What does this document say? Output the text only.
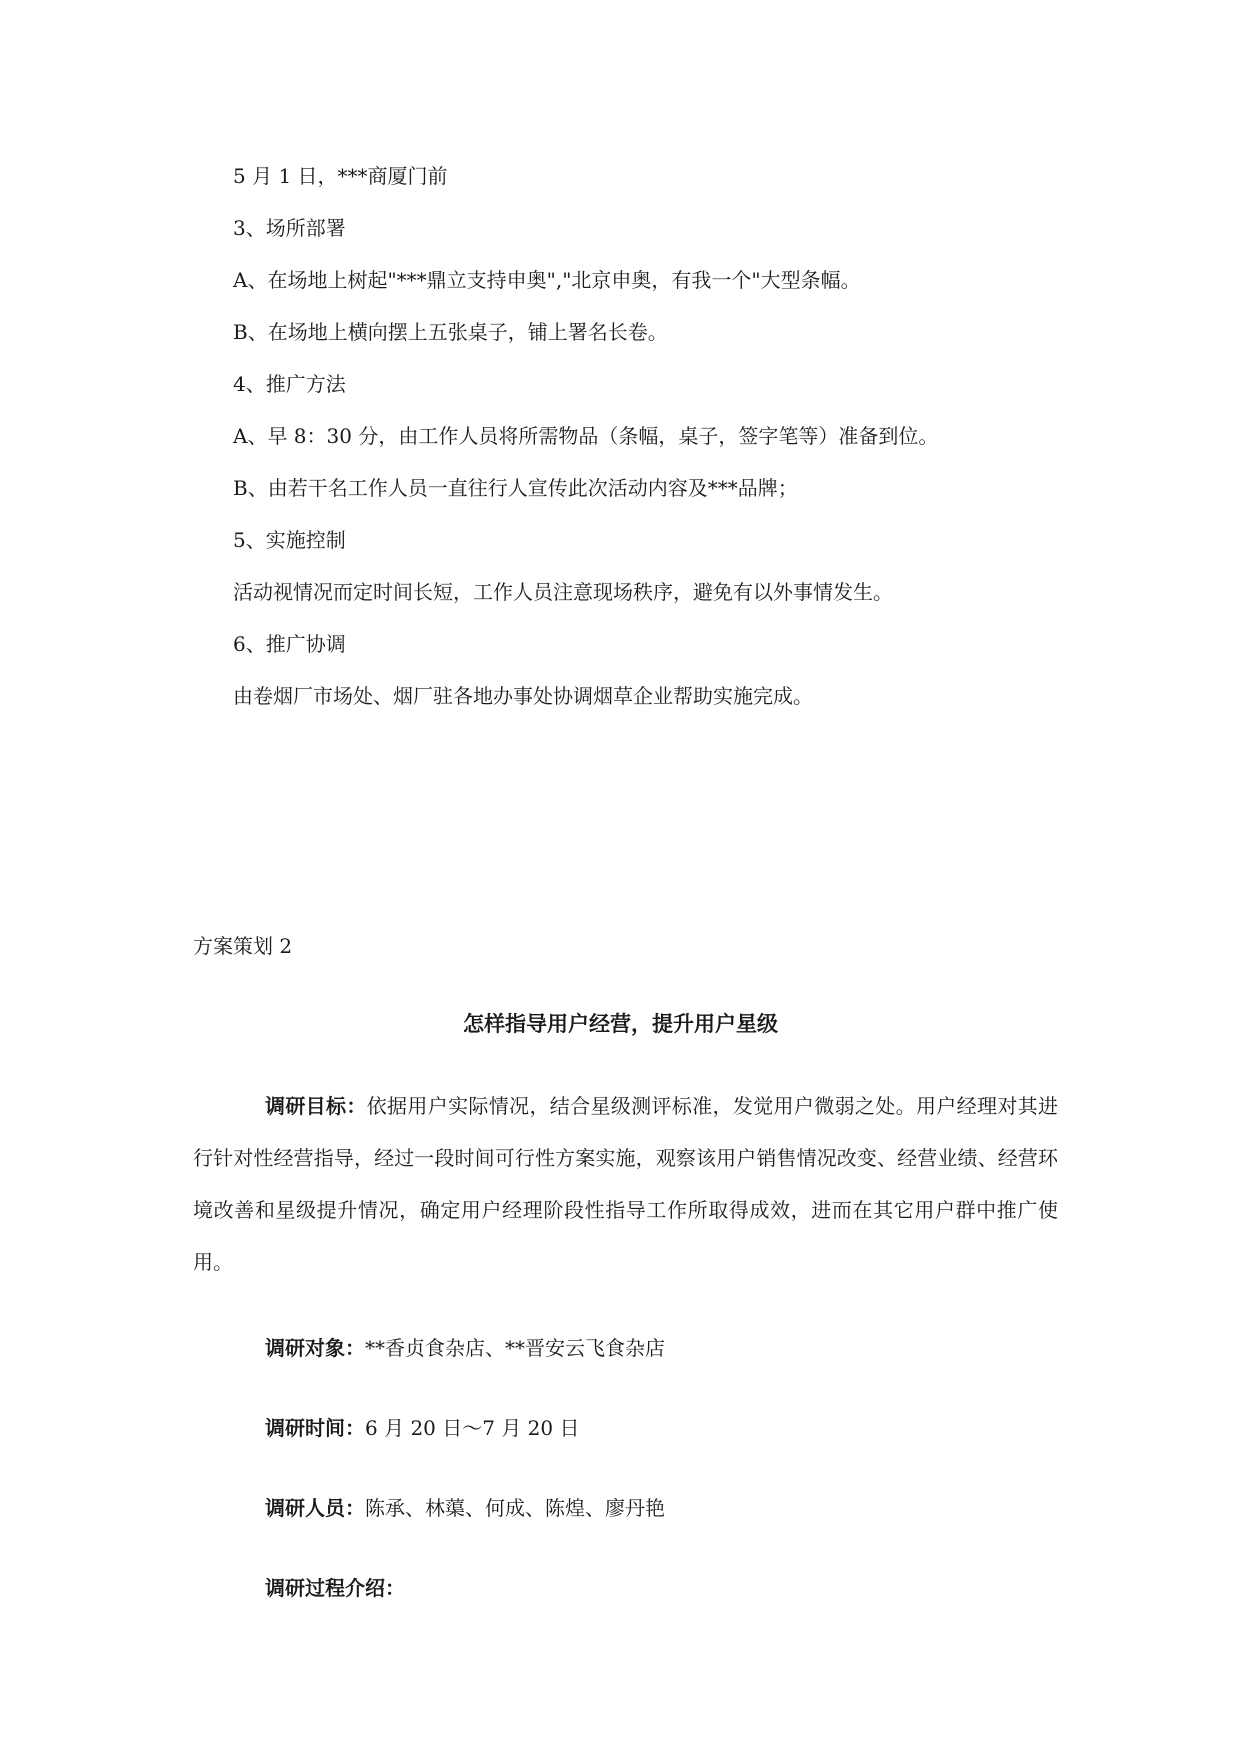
5 月 1 日，***商厦门前
3、场所部署
A、在场地上树起"***鼎立支持申奥","北京申奥，有我一个"大型条幅。
B、在场地上横向摆上五张桌子，铺上署名长卷。
4、推广方法
A、早 8：30 分，由工作人员将所需物品（条幅，桌子，签字笔等）准备到位。
B、由若干名工作人员一直往行人宣传此次活动内容及***品牌；
5、实施控制
活动视情况而定时间长短，工作人员注意现场秩序，避免有以外事情发生。
6、推广协调
由卷烟厂市场处、烟厂驻各地办事处协调烟草企业帮助实施完成。
方案策划 2
怎样指导用户经营，提升用户星级
调研目标：依据用户实际情况，结合星级测评标准，发觉用户微弱之处。用户经理对其进行针对性经营指导，经过一段时间可行性方案实施，观察该用户销售情况改变、经营业绩、经营环境改善和星级提升情况，确定用户经理阶段性指导工作所取得成效，进而在其它用户群中推广使用。
调研对象：**香贞食杂店、**晋安云飞食杂店
调研时间：6 月 20 日～7 月 20 日
调研人员：陈承、林蕖、何成、陈煌、廖丹艳
调研过程介绍：
